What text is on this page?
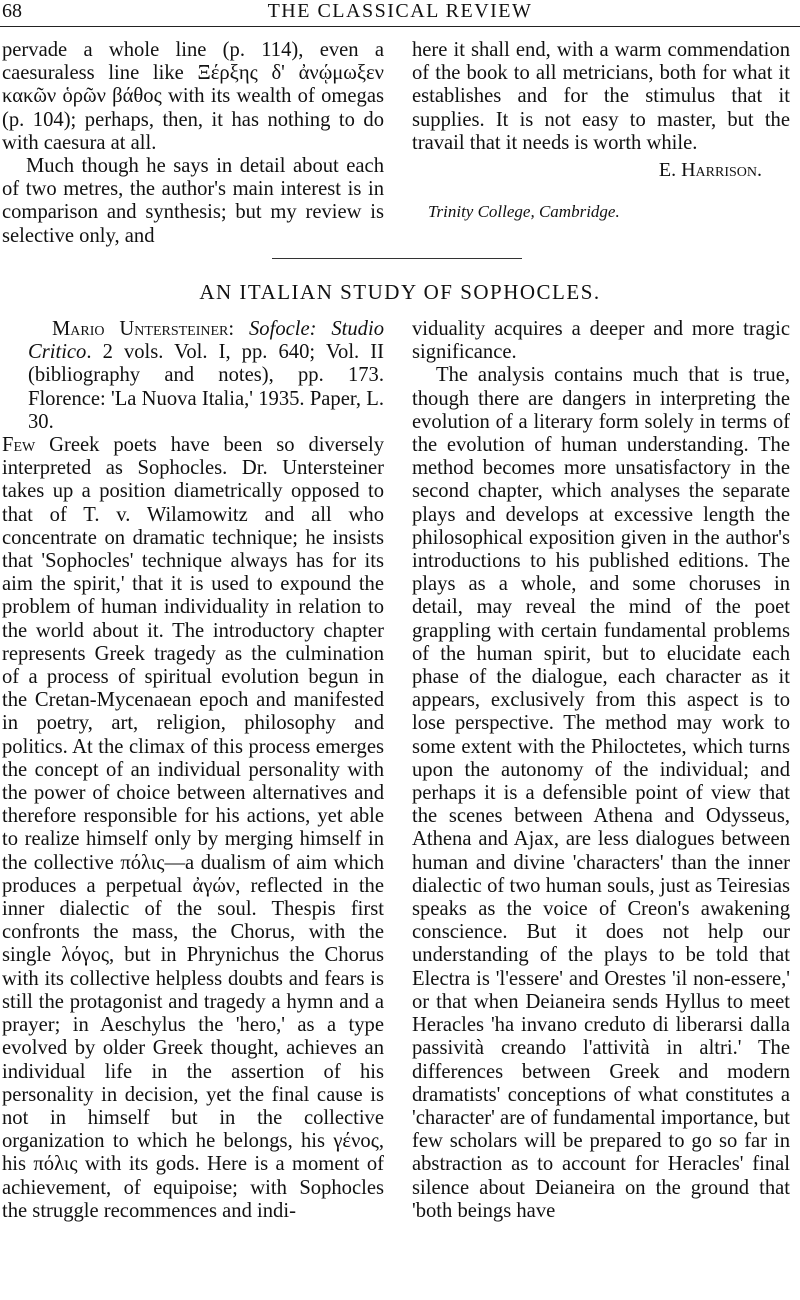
68	THE CLASSICAL REVIEW

pervade a whole line (p. 114), even a caesuraless line like Ξέρξης δ' ἀνῴμωξεν κακῶν ὁρῶν βάθος with its wealth of omegas (p. 104); perhaps, then, it has nothing to do with caesura at all.

Much though he says in detail about each of two metres, the author's main interest is in comparison and synthesis; but my review is selective only, and

here it shall end, with a warm commendation of the book to all metricians, both for what it establishes and for the stimulus that it supplies. It is not easy to master, but the travail that it needs is worth while.

E. Harrison.
Trinity College, Cambridge.
AN ITALIAN STUDY OF SOPHOCLES.

Mario Untersteiner: Sofocle: Studio Critico. 2 vols. Vol. I, pp. 640; Vol. II (bibliography and notes), pp. 173. Florence: 'La Nuova Italia,' 1935. Paper, L. 30.

Few Greek poets have been so diversely interpreted as Sophocles. Dr. Untersteiner takes up a position diametrically opposed to that of T. v. Wilamowitz and all who concentrate on dramatic technique; he insists that 'Sophocles' technique always has for its aim the spirit,' that it is used to expound the problem of human individuality in relation to the world about it. The introductory chapter represents Greek tragedy as the culmination of a process of spiritual evolution begun in the Cretan-Mycenaean epoch and manifested in poetry, art, religion, philosophy and politics. At the climax of this process emerges the concept of an individual personality with the power of choice between alternatives and therefore responsible for his actions, yet able to realize himself only by merging himself in the collective πόλις—a dualism of aim which produces a perpetual ἀγών, reflected in the inner dialectic of the soul. Thespis first confronts the mass, the Chorus, with the single λόγος, but in Phrynichus the Chorus with its collective helpless doubts and fears is still the protagonist and tragedy a hymn and a prayer; in Aeschylus the 'hero,' as a type evolved by older Greek thought, achieves an individual life in the assertion of his personality in decision, yet the final cause is not in himself but in the collective organization to which he belongs, his γένος, his πόλις with its gods. Here is a moment of achievement, of equipoise; with Sophocles the struggle recommences and indi-

viduality acquires a deeper and more tragic significance.

The analysis contains much that is true, though there are dangers in interpreting the evolution of a literary form solely in terms of the evolution of human understanding. The method becomes more unsatisfactory in the second chapter, which analyses the separate plays and develops at excessive length the philosophical exposition given in the author's introductions to his published editions. The plays as a whole, and some choruses in detail, may reveal the mind of the poet grappling with certain fundamental problems of the human spirit, but to elucidate each phase of the dialogue, each character as it appears, exclusively from this aspect is to lose perspective. The method may work to some extent with the Philoctetes, which turns upon the autonomy of the individual; and perhaps it is a defensible point of view that the scenes between Athena and Odysseus, Athena and Ajax, are less dialogues between human and divine 'characters' than the inner dialectic of two human souls, just as Teiresias speaks as the voice of Creon's awakening conscience. But it does not help our understanding of the plays to be told that Electra is 'l'essere' and Orestes 'il non-essere,' or that when Deianeira sends Hyllus to meet Heracles 'ha invano creduto di liberarsi dalla passività creando l'attività in altri.' The differences between Greek and modern dramatists' conceptions of what constitutes a 'character' are of fundamental importance, but few scholars will be prepared to go so far in abstraction as to account for Heracles' final silence about Deianeira on the ground that 'both beings have
